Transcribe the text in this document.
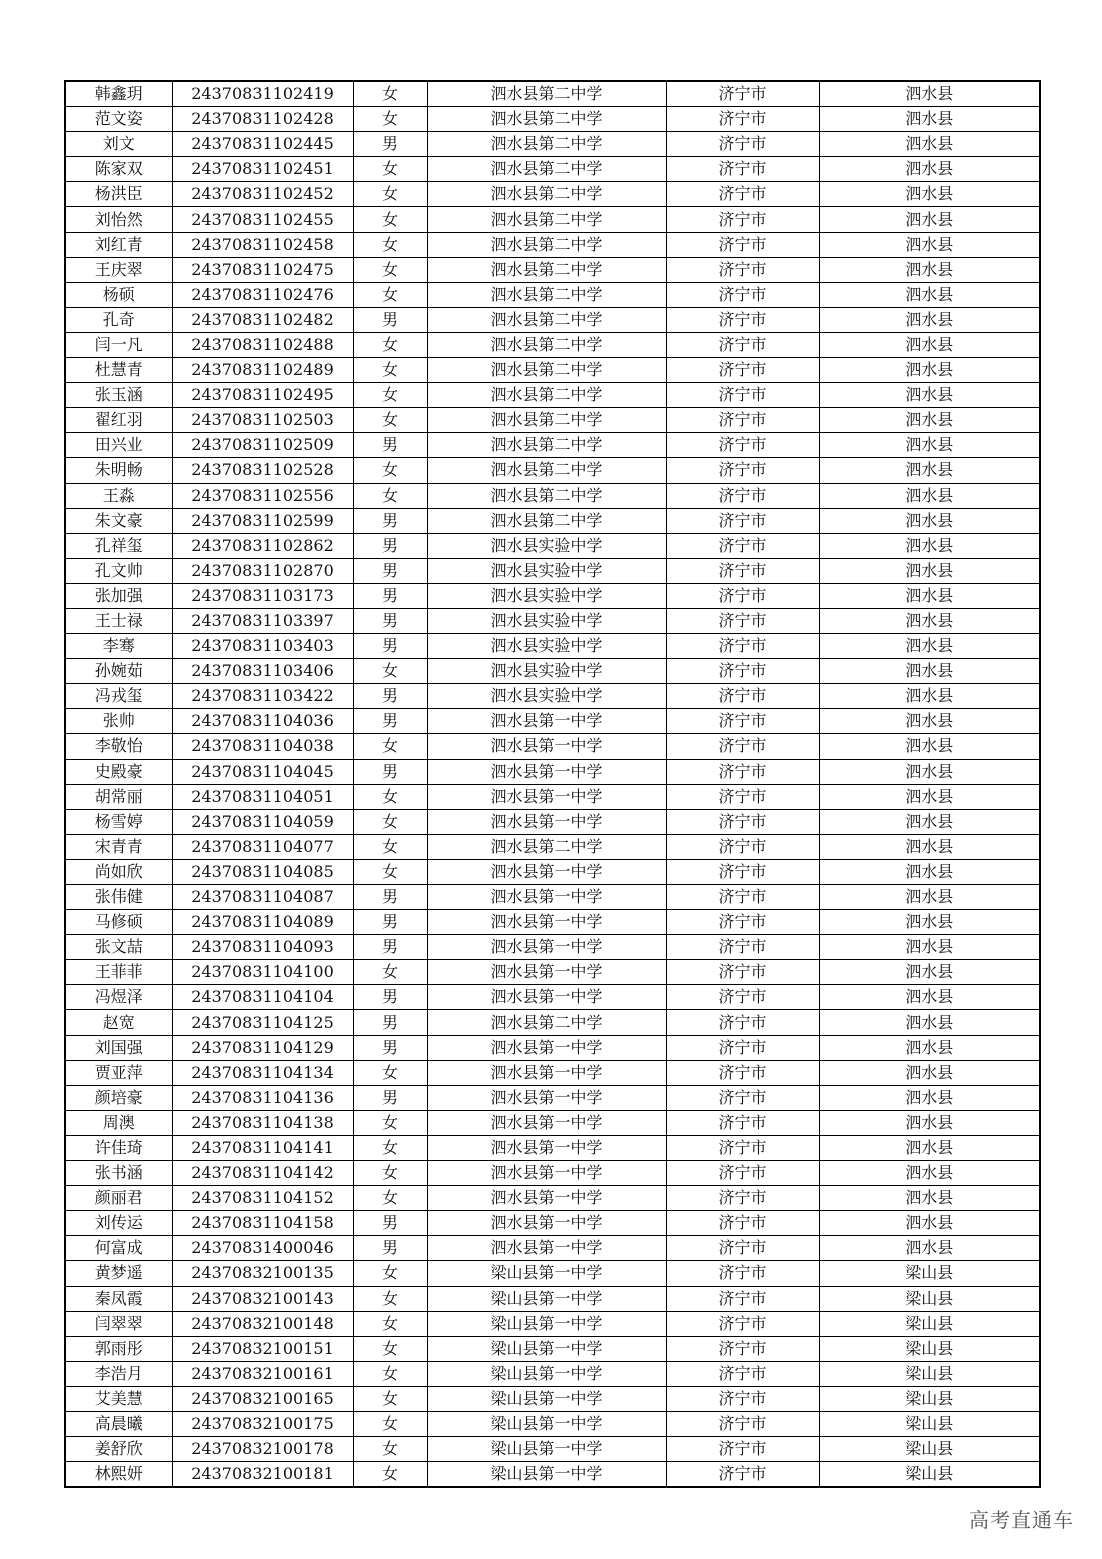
韩鑫玥	24370831102419	女	泗水县第二中学	济宁市	泗水县
范文姿	24370831102428	女	泗水县第二中学	济宁市	泗水县
刘文	24370831102445	男	泗水县第二中学	济宁市	泗水县
陈家双	24370831102451	女	泗水县第二中学	济宁市	泗水县
杨洪臣	24370831102452	女	泗水县第二中学	济宁市	泗水县
刘怡然	24370831102455	女	泗水县第二中学	济宁市	泗水县
刘红青	24370831102458	女	泗水县第二中学	济宁市	泗水县
王庆翠	24370831102475	女	泗水县第二中学	济宁市	泗水县
杨硕	24370831102476	女	泗水县第二中学	济宁市	泗水县
孔奇	24370831102482	男	泗水县第二中学	济宁市	泗水县
闫一凡	24370831102488	女	泗水县第二中学	济宁市	泗水县
杜慧青	24370831102489	女	泗水县第二中学	济宁市	泗水县
张玉涵	24370831102495	女	泗水县第二中学	济宁市	泗水县
翟红羽	24370831102503	女	泗水县第二中学	济宁市	泗水县
田兴业	24370831102509	男	泗水县第二中学	济宁市	泗水县
朱明畅	24370831102528	女	泗水县第二中学	济宁市	泗水县
王淼	24370831102556	女	泗水县第二中学	济宁市	泗水县
朱文豪	24370831102599	男	泗水县第二中学	济宁市	泗水县
孔祥玺	24370831102862	男	泗水县实验中学	济宁市	泗水县
孔文帅	24370831102870	男	泗水县实验中学	济宁市	泗水县
张加强	24370831103173	男	泗水县实验中学	济宁市	泗水县
王士禄	24370831103397	男	泗水县实验中学	济宁市	泗水县
李骞	24370831103403	男	泗水县实验中学	济宁市	泗水县
孙婉茹	24370831103406	女	泗水县实验中学	济宁市	泗水县
冯戎玺	24370831103422	男	泗水县实验中学	济宁市	泗水县
张帅	24370831104036	男	泗水县第一中学	济宁市	泗水县
李敬怡	24370831104038	女	泗水县第一中学	济宁市	泗水县
史殿豪	24370831104045	男	泗水县第一中学	济宁市	泗水县
胡常丽	24370831104051	女	泗水县第一中学	济宁市	泗水县
杨雪婷	24370831104059	女	泗水县第一中学	济宁市	泗水县
宋青青	24370831104077	女	泗水县第二中学	济宁市	泗水县
尚如欣	24370831104085	女	泗水县第一中学	济宁市	泗水县
张伟健	24370831104087	男	泗水县第一中学	济宁市	泗水县
马修硕	24370831104089	男	泗水县第一中学	济宁市	泗水县
张文喆	24370831104093	男	泗水县第一中学	济宁市	泗水县
王菲菲	24370831104100	女	泗水县第一中学	济宁市	泗水县
冯煜泽	24370831104104	男	泗水县第一中学	济宁市	泗水县
赵宽	24370831104125	男	泗水县第二中学	济宁市	泗水县
刘国强	24370831104129	男	泗水县第一中学	济宁市	泗水县
贾亚萍	24370831104134	女	泗水县第一中学	济宁市	泗水县
颜培豪	24370831104136	男	泗水县第一中学	济宁市	泗水县
周澳	24370831104138	女	泗水县第一中学	济宁市	泗水县
许佳琦	24370831104141	女	泗水县第一中学	济宁市	泗水县
张书涵	24370831104142	女	泗水县第一中学	济宁市	泗水县
颜丽君	24370831104152	女	泗水县第一中学	济宁市	泗水县
刘传运	24370831104158	男	泗水县第一中学	济宁市	泗水县
何富成	24370831400046	男	泗水县第一中学	济宁市	泗水县
黄梦遥	24370832100135	女	梁山县第一中学	济宁市	梁山县
秦凤霞	24370832100143	女	梁山县第一中学	济宁市	梁山县
闫翠翠	24370832100148	女	梁山县第一中学	济宁市	梁山县
郭雨彤	24370832100151	女	梁山县第一中学	济宁市	梁山县
李浩月	24370832100161	女	梁山县第一中学	济宁市	梁山县
艾美慧	24370832100165	女	梁山县第一中学	济宁市	梁山县
高晨曦	24370832100175	女	梁山县第一中学	济宁市	梁山县
姜舒欣	24370832100178	女	梁山县第一中学	济宁市	梁山县
林熙妍	24370832100181	女	梁山县第一中学	济宁市	梁山县
高考直通车
